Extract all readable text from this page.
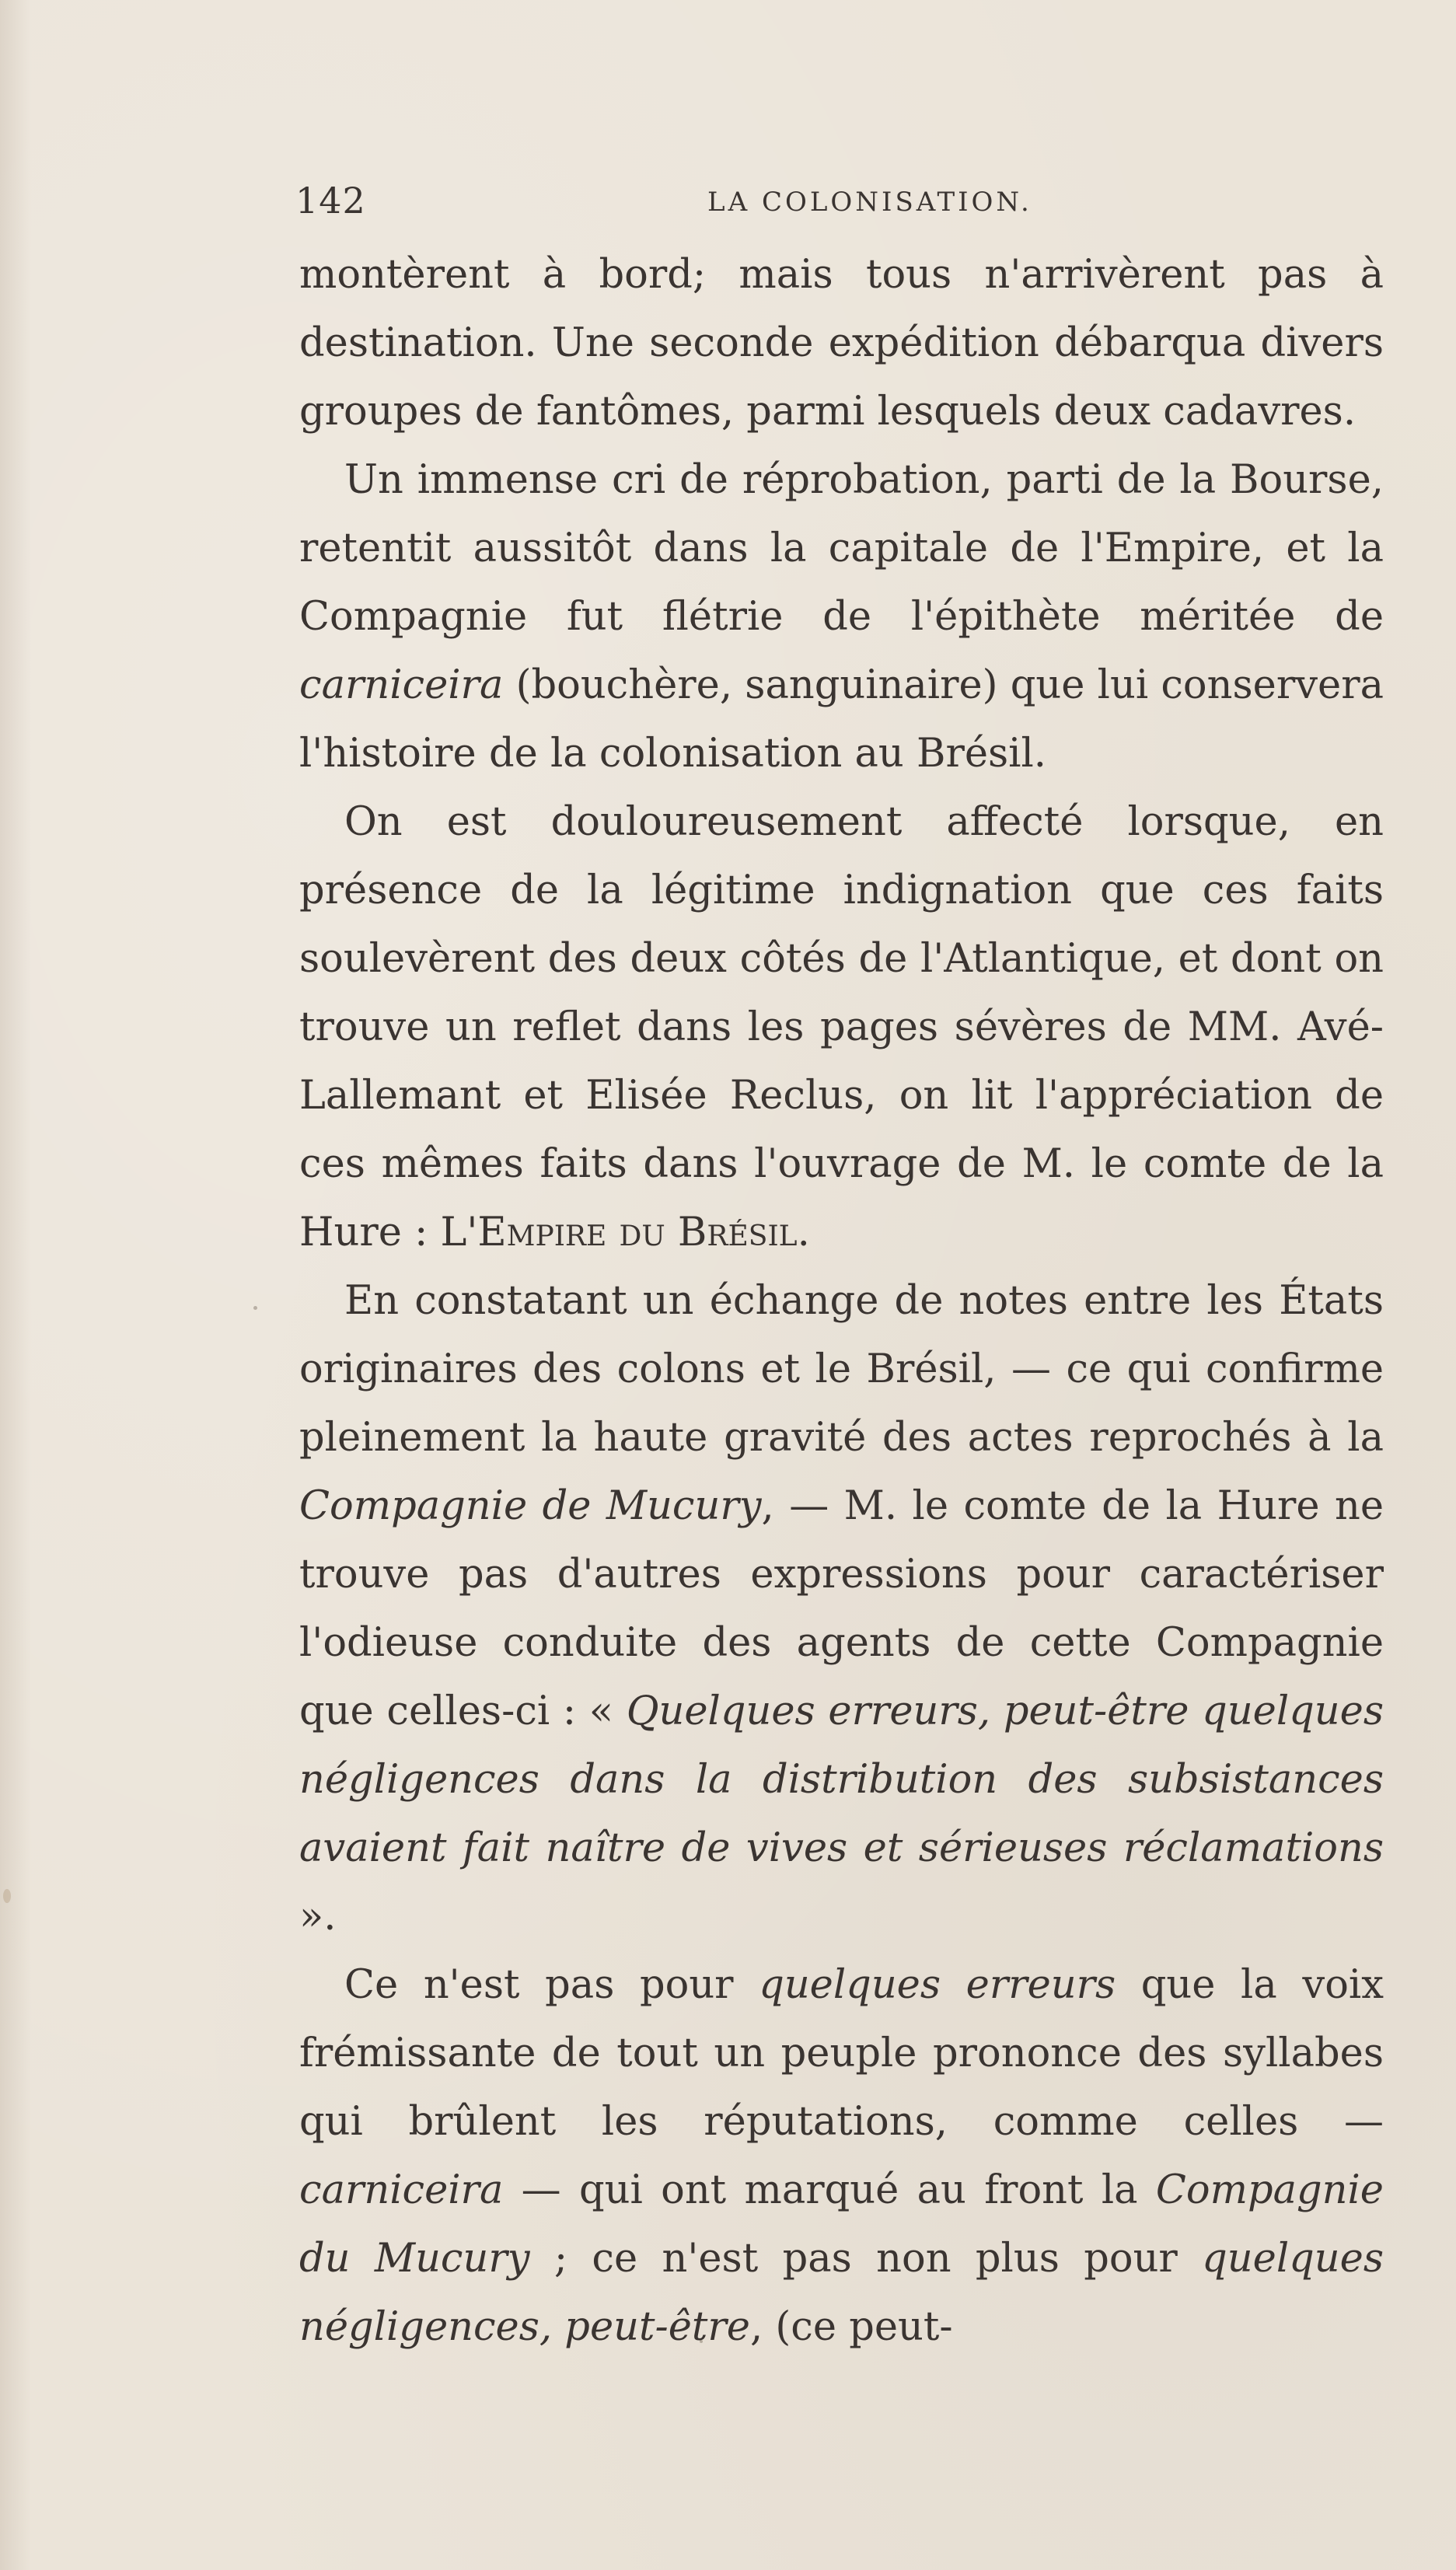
142	LA COLONISATION.

montèrent à bord; mais tous n'arrivèrent pas à destination. Une seconde expédition débarqua divers groupes de fantômes, parmi lesquels deux cadavres.

Un immense cri de réprobation, parti de la Bourse, retentit aussitôt dans la capitale de l'Empire, et la Compagnie fut flétrie de l'épithète méritée de carniceira (bouchère, sanguinaire) que lui conservera l'histoire de la colonisation au Brésil.

On est douloureusement affecté lorsque, en présence de la légitime indignation que ces faits soulevèrent des deux côtés de l'Atlantique, et dont on trouve un reflet dans les pages sévères de MM. Avé-Lallemant et Elisée Reclus, on lit l'appréciation de ces mêmes faits dans l'ouvrage de M. le comte de la Hure : L'Empire du Brésil.

En constatant un échange de notes entre les États originaires des colons et le Brésil, — ce qui confirme pleinement la haute gravité des actes reprochés à la Compagnie de Mucury, — M. le comte de la Hure ne trouve pas d'autres expressions pour caractériser l'odieuse conduite des agents de cette Compagnie que celles-ci : « Quelques erreurs, peut-être quelques négligences dans la distribution des subsistances avaient fait naître de vives et sérieuses réclamations ».

Ce n'est pas pour quelques erreurs que la voix frémissante de tout un peuple prononce des syllabes qui brûlent les réputations, comme celles — carniceira — qui ont marqué au front la Compagnie du Mucury ; ce n'est pas non plus pour quelques négligences, peut-être, (ce peut-
